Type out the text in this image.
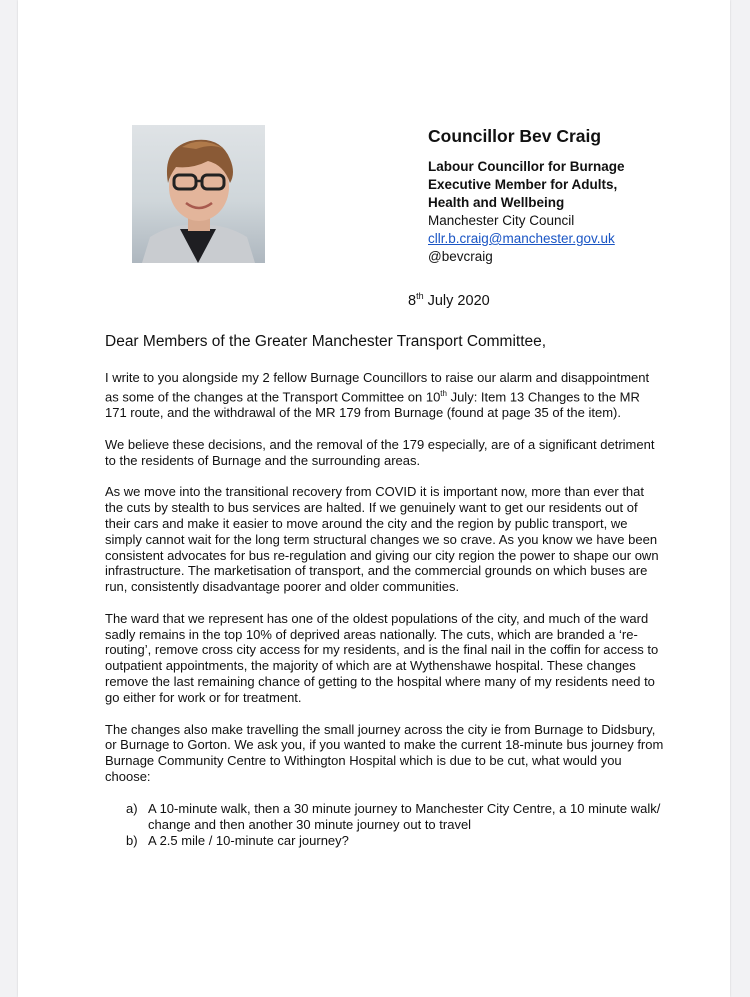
Councillor Bev Craig
Labour Councillor for Burnage
Executive Member for Adults,
Health and Wellbeing
Manchester City Council
cllr.b.craig@manchester.gov.uk
@bevcraig
8th July 2020
Dear Members of the Greater Manchester Transport Committee,

I write to you alongside my 2 fellow Burnage Councillors to raise our alarm and disappointment as some of the changes at the Transport Committee on 10th July: Item 13 Changes to the MR 171 route, and the withdrawal of the MR 179 from Burnage (found at page 35 of the item).

We believe these decisions, and the removal of the 179 especially, are of a significant detriment to the residents of Burnage and the surrounding areas.

As we move into the transitional recovery from COVID it is important now, more than ever that the cuts by stealth to bus services are halted. If we genuinely want to get our residents out of their cars and make it easier to move around the city and the region by public transport, we simply cannot wait for the long term structural changes we so crave. As you know we have been consistent advocates for bus re-regulation and giving our city region the power to shape our own infrastructure. The marketisation of transport, and the commercial grounds on which buses are run, consistently disadvantage poorer and older communities.

The ward that we represent has one of the oldest populations of the city, and much of the ward sadly remains in the top 10% of deprived areas nationally. The cuts, which are branded a ‘re-routing’, remove cross city access for my residents, and is the final nail in the coffin for access to outpatient appointments, the majority of which are at Wythenshawe hospital. These changes remove the last remaining chance of getting to the hospital where many of my residents need to go either for work or for treatment.

The changes also make travelling the small journey across the city ie from Burnage to Didsbury, or Burnage to Gorton. We ask you, if you wanted to make the current 18-minute bus journey from Burnage Community Centre to Withington Hospital which is due to be cut, what would you choose:

a) A 10-minute walk, then a 30 minute journey to Manchester City Centre, a 10 minute walk/ change and then another 30 minute journey out to travel
b) A 2.5 mile / 10-minute car journey?
